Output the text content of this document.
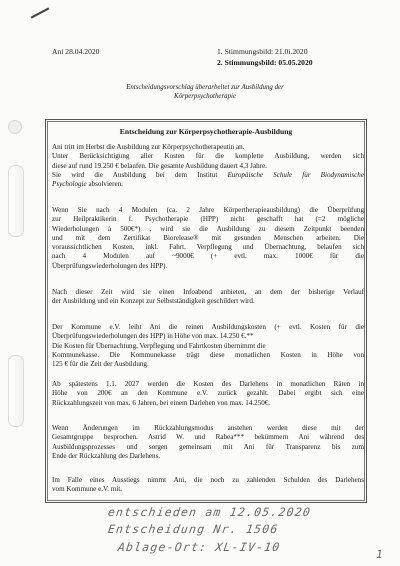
Ani 28.04.2020	1. Stimmungsbild: 21.0i.2020
2. Stimmungsbild: 05.05.2020
Entscheidungsvorschlag überarbeitet zur Ausbildung der
Körperpsychotherapie
Entscheidung zur Körperpsychotherapie-Ausbildung
Ani tritt im Herbst die Ausbildung zur Körperpsychotherapeutin an.
Unter Berücksichtigung aller Kosten für die komplette Ausbildung, werden sich
diese auf rund 19.250 € belaufen. Die gesamte Ausbildung dauert 4,3 Jahre.
Sie wird die Ausbildung bei dem Institut Europäische Schule für Biodynamische
Psychologie absolvieren.
Wenn Sie nach 4 Modulen (ca. 2 Jahre Körpertherapieausbildung) die Überprüfung
zur Heilpraktikerin f. Psychotherapie (HPP) nicht geschafft hat (=2 mögliche
Wiederholungen à 500€*) , wird sie die Ausbildung zu diesem Zeitpunkt beenden
und mit dem Zertifikat Biorelease® mit gesunden Menschen arbeiten. Die
voraussichtlichen Kosten, inkl. Fahrt, Verpflegung und Übernachtung, belaufen sich
nach 4 Modulen auf ~9000€ (+ evtl. max. 1000€ für die
Überprüfungswiederholungen des HPP).
Nach dieser Zeit wird sie einen Infoabend anbieten, an dem der bisherige Verlauf
der Ausbildung und ein Konzept zur Selbstständigkeit geschildert wird.
Der Kommune e.V. leiht Ani die reinen Ausbildungskosten (+ evtl. Kosten für die
Überprüfungswiederholungen des HPP) in Höhe von max. 14.250 €.**
Die Kosten für Übernachtung, Verpflegung und Fahrtkosten übernimmt die
Kommunekasse. Die Kommunekasse trägt diese monatlichen Kosten in Höhe von
125 € für die Zeit der Ausbildung.
Ab spätestens 1.1. 2027 werden die Kosten des Darlehens in monatlichen Räten in
Höhe von 200€ an den Kommune e.V. zurück gezahlt. Dabei ergibt sich eine
Rückzahlungszeit von max. 6 Jahren, bei einem Darlehen von max. 14.250€.
Wenn Änderungen im Rückzahlungsmodus anstehen werden diese mit der
Gesamtgruppe besprochen. Astrid W. und Rabea*** bekümmern Ani während des
Ausbildungsprozesses und sorgen gemeinsam mit Ani für Transparenz bis zum
Ende der Rückzahlung des Darlehens.
Im Falle eines Ausstiegs nimmt Ani, die noch zu zahlenden Schulden des Darlehens
vom Kommune e.V. mit.
entschieden am 12.05.2020
Entscheidung Nr. 1506
Ablage-Ort: XL-IV-10
1
